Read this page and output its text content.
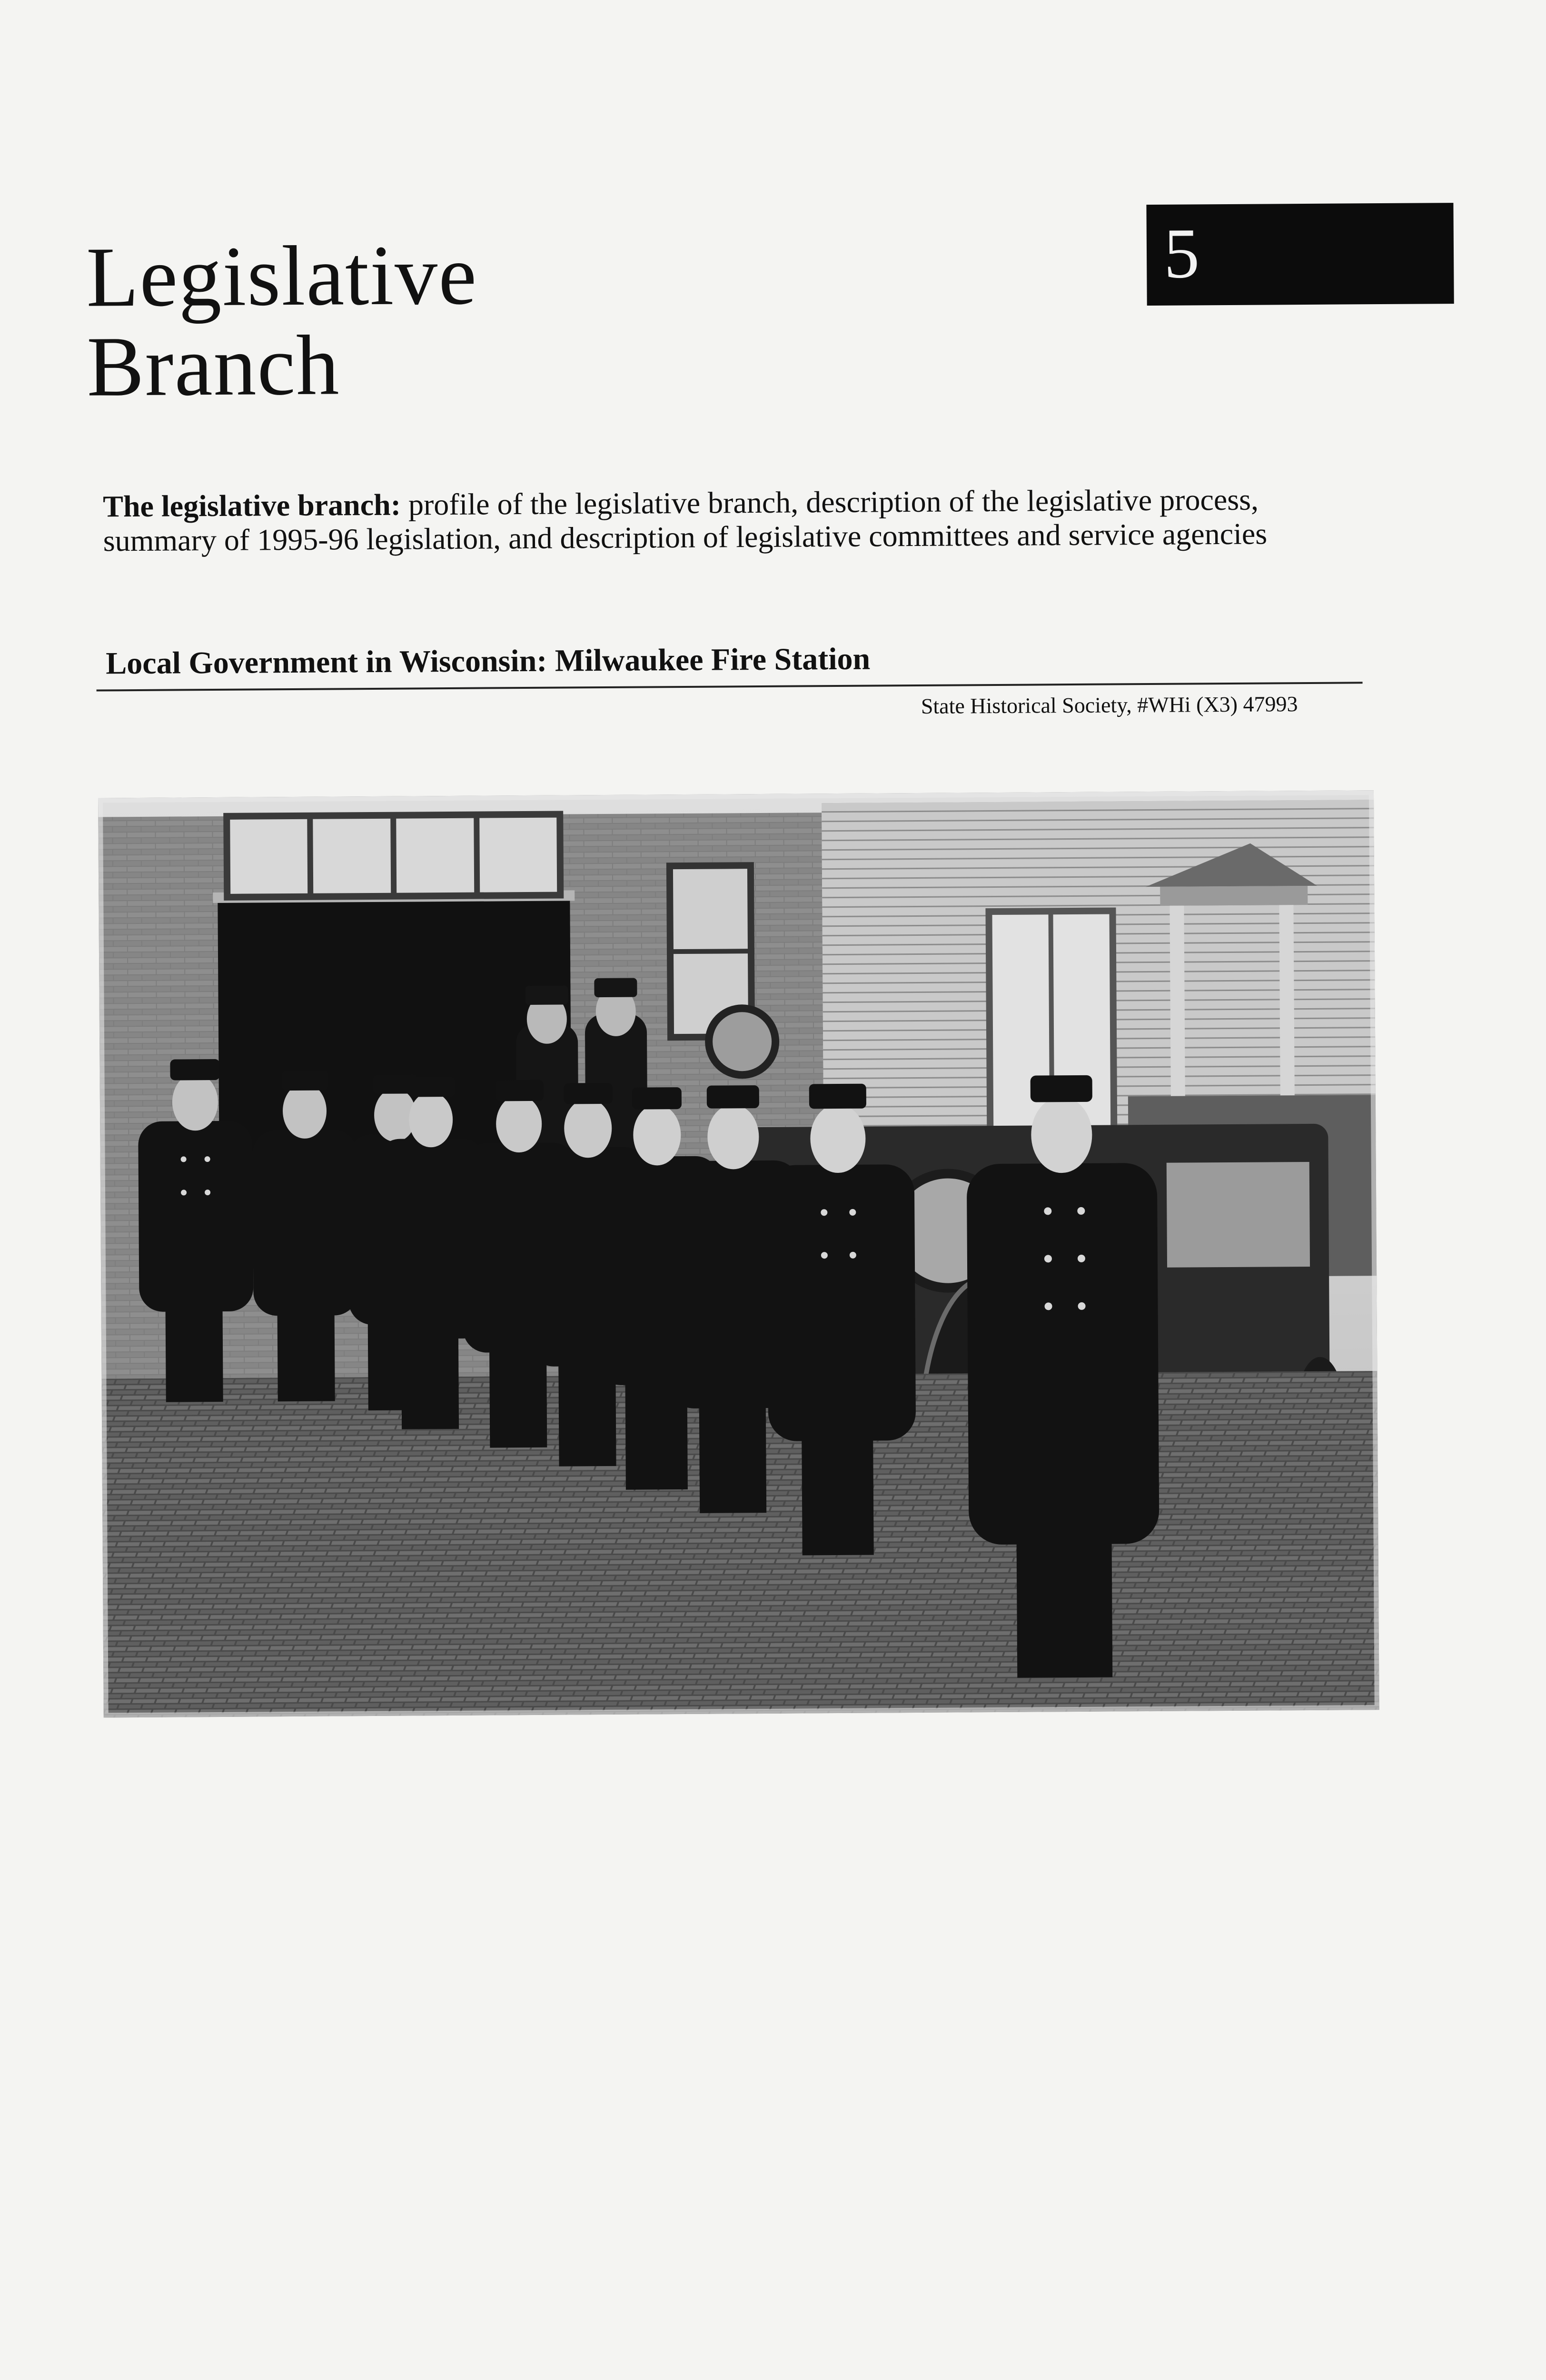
Legislative
Branch
5

The legislative branch: profile of the legislative branch, description of the legislative process, summary of 1995-96 legislation, and description of legislative committees and service agencies

Local Government in Wisconsin: Milwaukee Fire Station
State Historical Society, #WHi (X3) 47993
